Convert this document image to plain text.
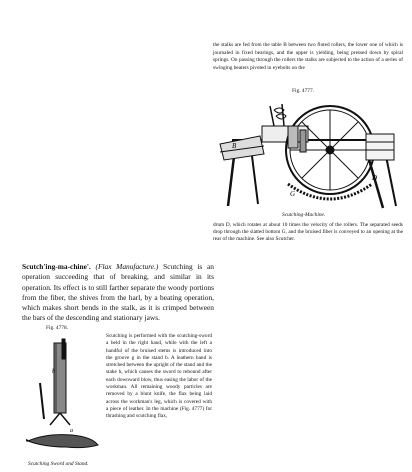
the stalks are fed from the table B between two fluted rollers, the lower one of which is journaled in fixed bearings, and the upper is yielding, being pressed down by spiral springs. On passing through the rollers the stalks are subjected to the action of a series of swinging beaters pivoted in eyebolts on the
Fig. 4777.
B
D
G
Scutching-Machine.
drum D, which rotates at about 10 times the velocity of the rollers. The separated seeds drop through the slatted bottom G, and the bruised fiber is conveyed to an opening at the rear of the machine. See also Scutcher.
Scutch'ing-ma-chine'. (Flax Manufacture.) Scutching is an operation succeeding that of breaking, and similar in its operation. Its effect is to still farther separate the woody portions from the fiber, the shives from the harl, by a beating operation, which makes short bends in the stalk, as it is crimped between the bars of the descending and stationary jaws.
Fig. 4778.
b
a
Scutching Sword and Stand.
Scutching is performed with the scutching-sword a held in the right hand, while with the left a handful of the bruised stems is introduced into the groove g in the stand b. A leathern band is stretched between the upright of the stand and the stake h, which causes the sword to rebound after each downward blow, thus easing the labor of the workman. All remaining woody particles are removed by a blunt knife, the flax being laid across the workman's leg, which is covered with a piece of leather. In the machine (Fig. 4777) for thrashing and scutching flax,
